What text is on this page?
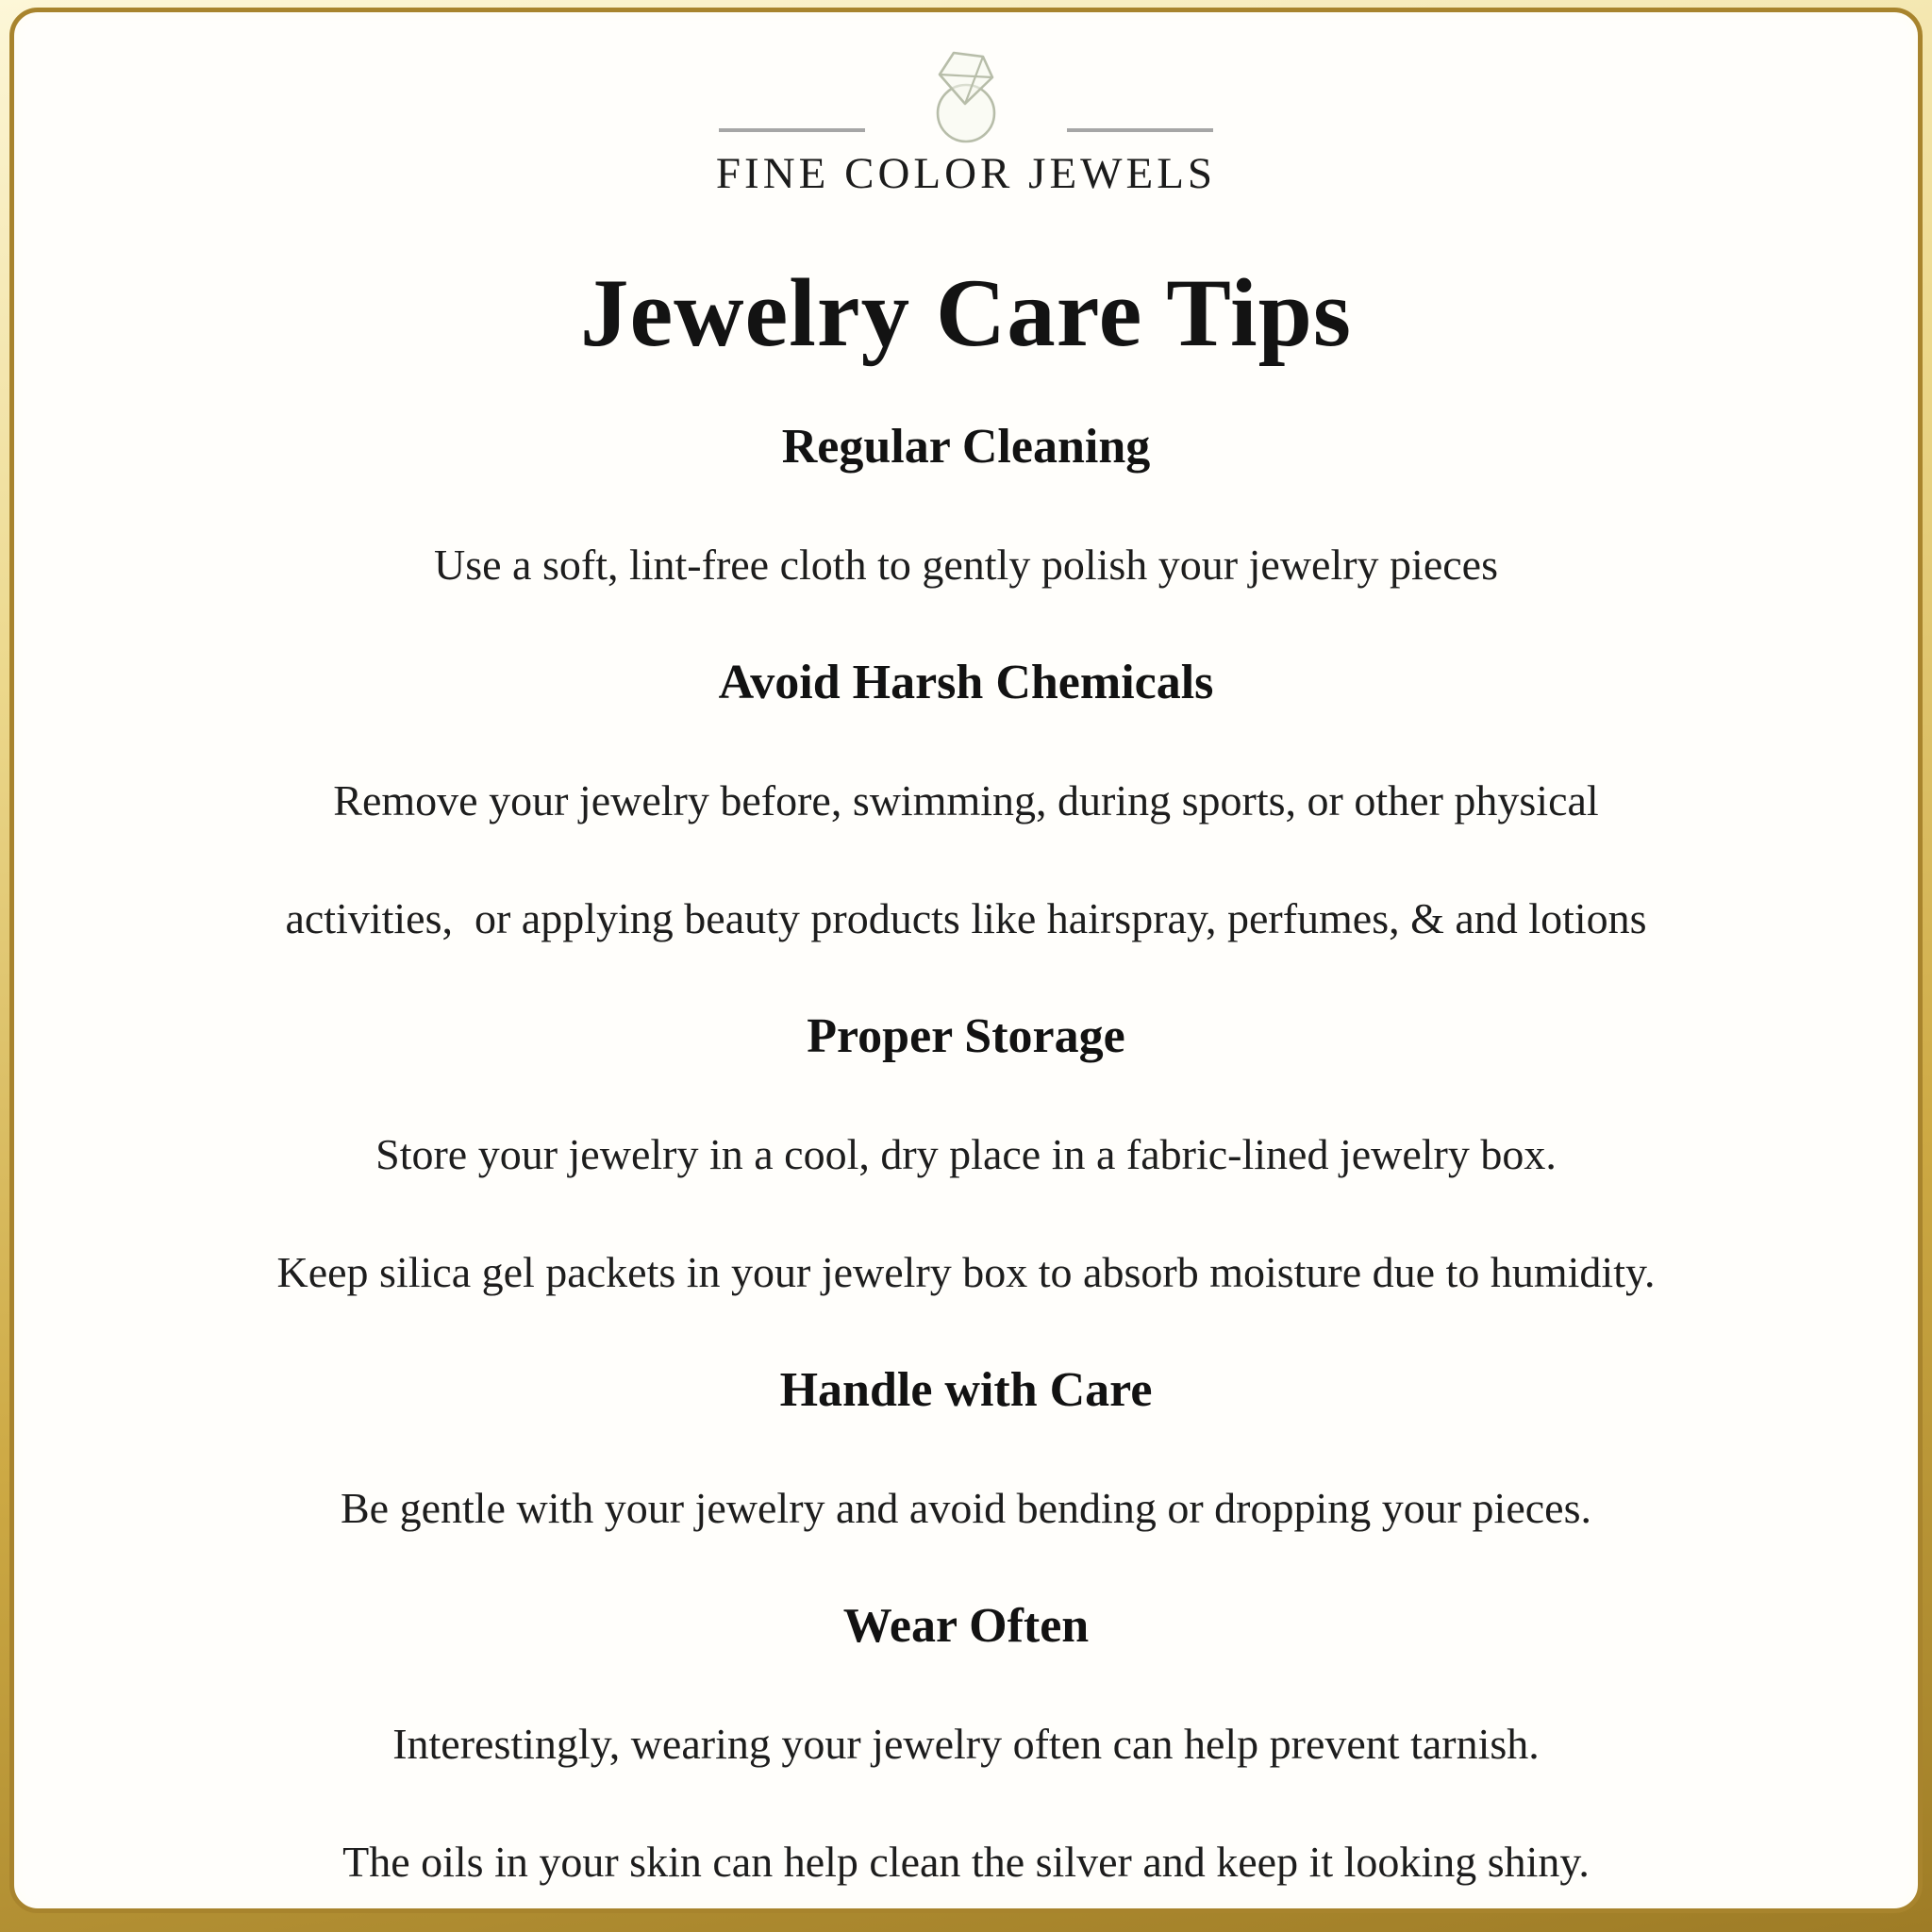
FINE COLOR JEWELS
Jewelry Care Tips
Regular Cleaning
Use a soft, lint-free cloth to gently polish your jewelry pieces
Avoid Harsh Chemicals
Remove your jewelry before, swimming, during sports, or other physical
activities,  or applying beauty products like hairspray, perfumes, & and lotions
Proper Storage
Store your jewelry in a cool, dry place in a fabric-lined jewelry box.
Keep silica gel packets in your jewelry box to absorb moisture due to humidity.
Handle with Care
Be gentle with your jewelry and avoid bending or dropping your pieces.
Wear Often
Interestingly, wearing your jewelry often can help prevent tarnish.
The oils in your skin can help clean the silver and keep it looking shiny.
